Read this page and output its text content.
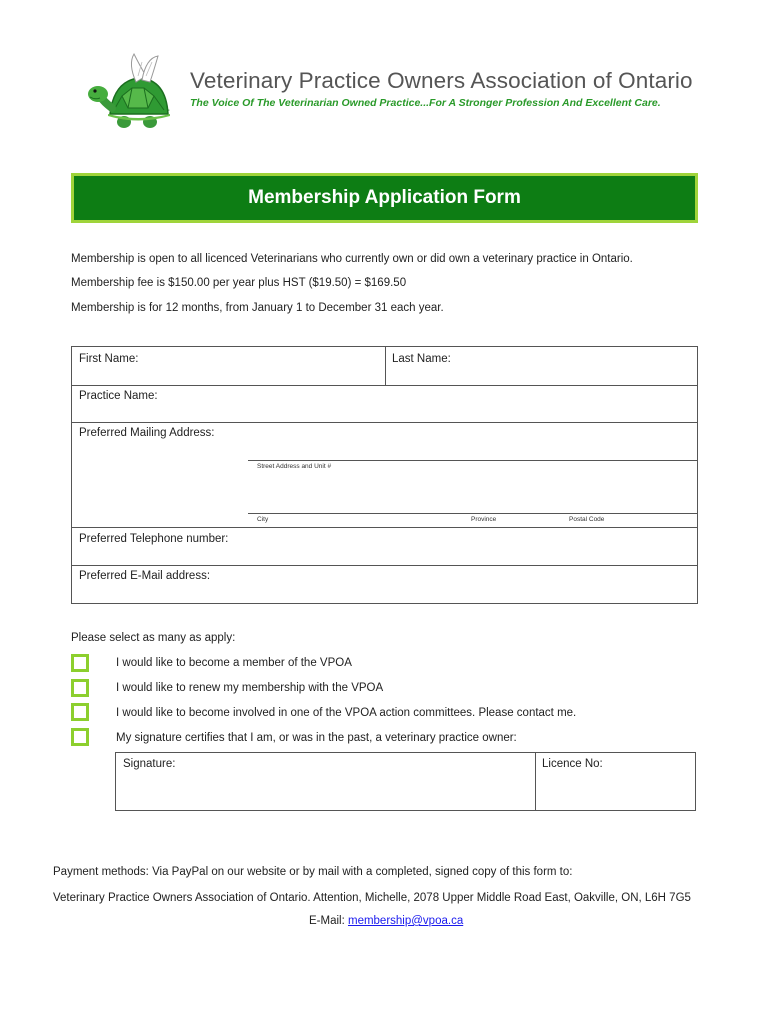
Veterinary Practice Owners Association of Ontario
The Voice Of The Veterinarian Owned Practice...For A Stronger Profession And Excellent Care.
Membership Application Form
Membership is open to all licenced Veterinarians who currently own or did own a veterinary practice in Ontario.
Membership fee is $150.00 per year plus HST ($19.50) = $169.50
Membership is for 12 months, from January 1 to December 31 each year.
First Name:	Last Name:
Practice Name:
Preferred Mailing Address:
Street Address and Unit #
City	Province	Postal Code
Preferred Telephone number:
Preferred E-Mail address:
Please select as many as apply:
I would like to become a member of the VPOA
I would like to renew my membership with the VPOA
I would like to become involved in one of the VPOA action committees. Please contact me.
My signature certifies that I am, or was in the past, a veterinary practice owner:
Signature:	Licence No:
Payment methods: Via PayPal on our website or by mail with a completed, signed copy of this form to:
Veterinary Practice Owners Association of Ontario. Attention, Michelle, 2078 Upper Middle Road East, Oakville, ON, L6H 7G5
E-Mail: membership@vpoa.ca
